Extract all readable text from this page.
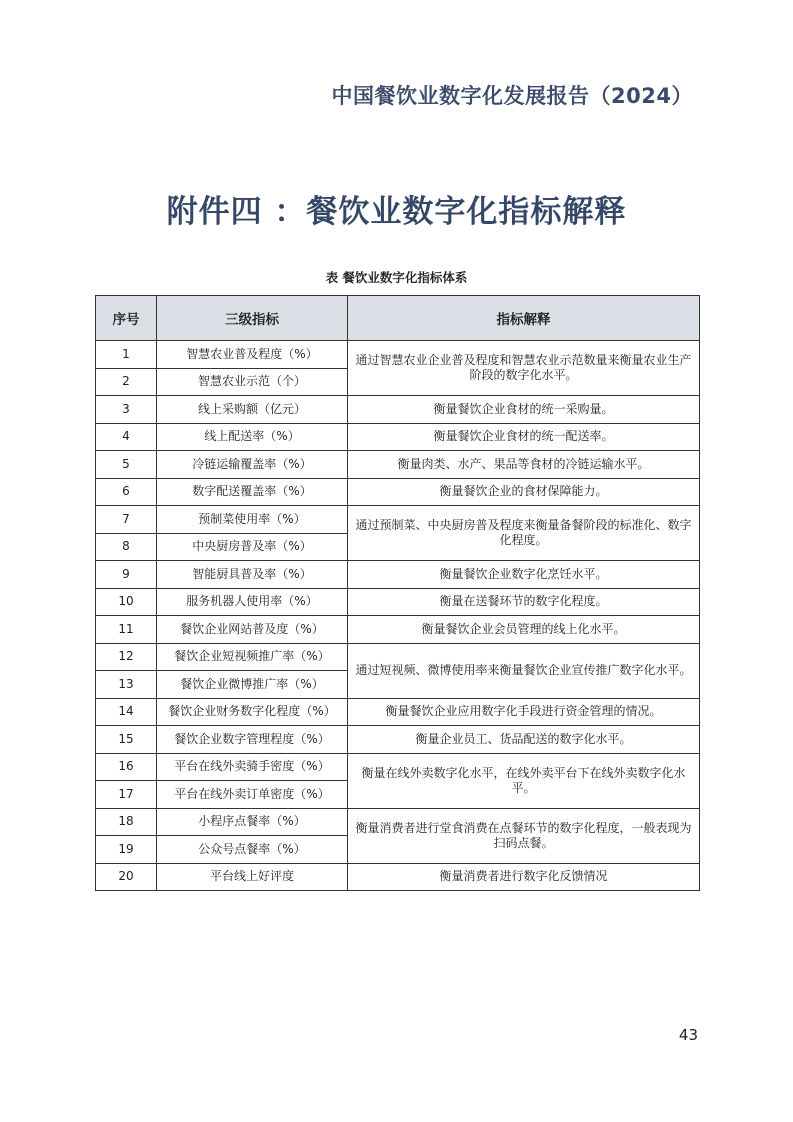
中国餐饮业数字化发展报告（2024）
附件四 ：餐饮业数字化指标解释
表 餐饮业数字化指标体系
序号	三级指标	指标解释
1	智慧农业普及程度（%）	通过智慧农业企业普及程度和智慧农业示范数量来衡量农业生产阶段的数字化水平。
2	智慧农业示范（个）	
3	线上采购额（亿元）	衡量餐饮企业食材的统一采购量。
4	线上配送率（%）	衡量餐饮企业食材的统一配送率。
5	冷链运输覆盖率（%）	衡量肉类、水产、果品等食材的冷链运输水平。
6	数字配送覆盖率（%）	衡量餐饮企业的食材保障能力。
7	预制菜使用率（%）	通过预制菜、中央厨房普及程度来衡量备餐阶段的标准化、数字化程度。
8	中央厨房普及率（%）	
9	智能厨具普及率（%）	衡量餐饮企业数字化烹饪水平。
10	服务机器人使用率（%）	衡量在送餐环节的数字化程度。
11	餐饮企业网站普及度（%）	衡量餐饮企业会员管理的线上化水平。
12	餐饮企业短视频推广率（%）	通过短视频、微博使用率来衡量餐饮企业宣传推广数字化水平。
13	餐饮企业微博推广率（%）	
14	餐饮企业财务数字化程度（%）	衡量餐饮企业应用数字化手段进行资金管理的情况。
15	餐饮企业数字管理程度（%）	衡量企业员工、货品配送的数字化水平。
16	平台在线外卖骑手密度（%）	衡量在线外卖数字化水平，在线外卖平台下在线外卖数字化水平。
17	平台在线外卖订单密度（%）	
18	小程序点餐率（%）	衡量消费者进行堂食消费在点餐环节的数字化程度，一般表现为扫码点餐。
19	公众号点餐率（%）	
20	平台线上好评度	衡量消费者进行数字化反馈情况
43
